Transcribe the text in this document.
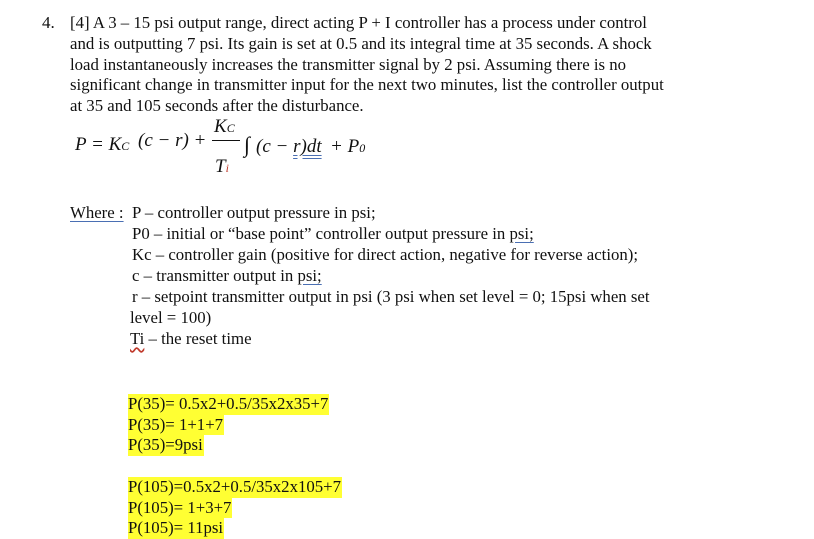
4. [4] A 3 – 15 psi output range, direct acting P + I controller has a process under control
and is outputting 7 psi. Its gain is set at 0.5 and its integral time at 35 seconds. A shock
load instantaneously increases the transmitter signal by 2 psi. Assuming there is no
significant change in transmitter input for the next two minutes, list the controller output
at 35 and 105 seconds after the disturbance.
P = KC (c − r) +
KC
Ti
∫ (c − r)dt + P0
Where : P – controller output pressure in psi;
P0 – initial or “base point” controller output pressure in psi;
Kc – controller gain (positive for direct action, negative for reverse action);
c – transmitter output in psi;
r – setpoint transmitter output in psi (3 psi when set level = 0; 15psi when set
level = 100)
Ti – the reset time
P(35)= 0.5x2+0.5/35x2x35+7
P(35)= 1+1+7
P(35)=9psi
P(105)=0.5x2+0.5/35x2x105+7
P(105)= 1+3+7
P(105)= 11psi
